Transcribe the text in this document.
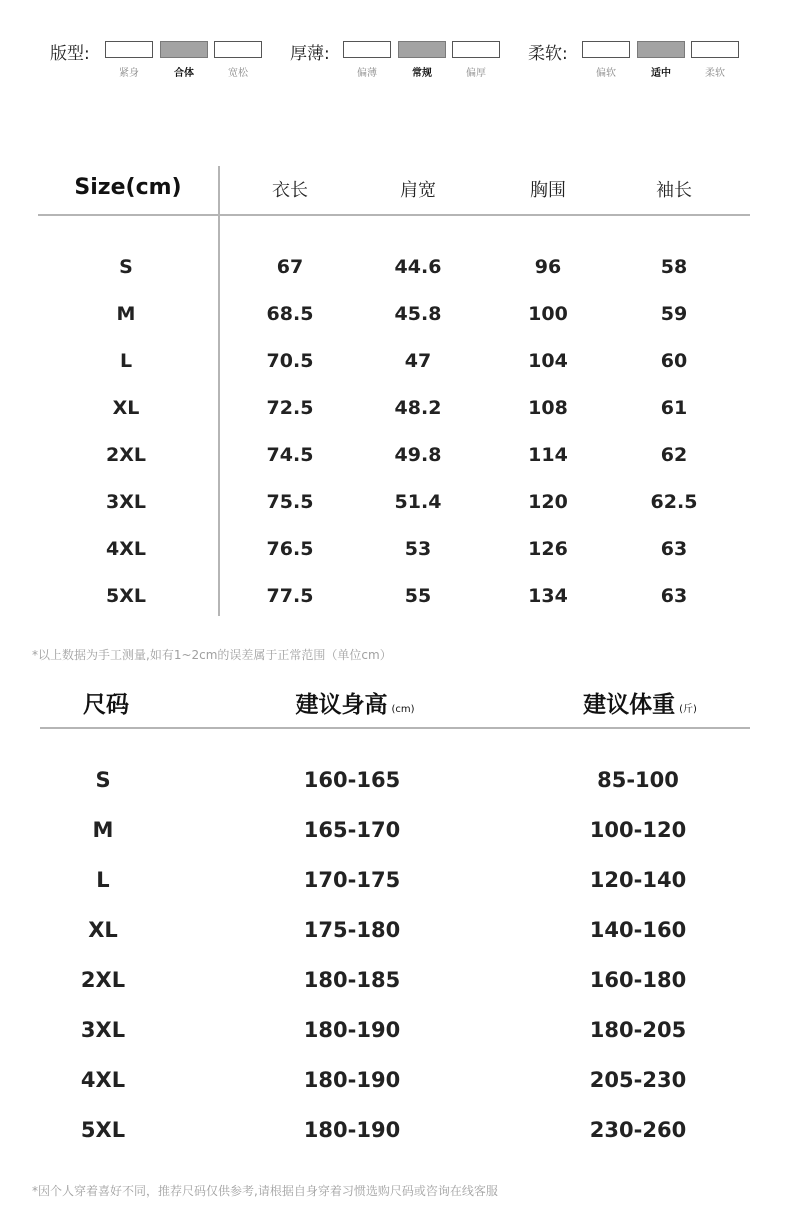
版型:
紧身	合体	宽松
厚薄:
偏薄	常规	偏厚
柔软:
偏软	适中	柔软
Size(cm)	衣长	肩宽	胸围	袖长
S	67	44.6	96	58
M	68.5	45.8	100	59
L	70.5	47	104	60
XL	72.5	48.2	108	61
2XL	74.5	49.8	114	62
3XL	75.5	51.4	120	62.5
4XL	76.5	53	126	63
5XL	77.5	55	134	63
*以上数据为手工测量,如有1~2cm的误差属于正常范围（单位cm）
尺码	建议身高 (cm)	建议体重 (斤)
S	160-165	85-100
M	165-170	100-120
L	170-175	120-140
XL	175-180	140-160
2XL	180-185	160-180
3XL	180-190	180-205
4XL	180-190	205-230
5XL	180-190	230-260
*因个人穿着喜好不同，推荐尺码仅供参考,请根据自身穿着习惯选购尺码或咨询在线客服
